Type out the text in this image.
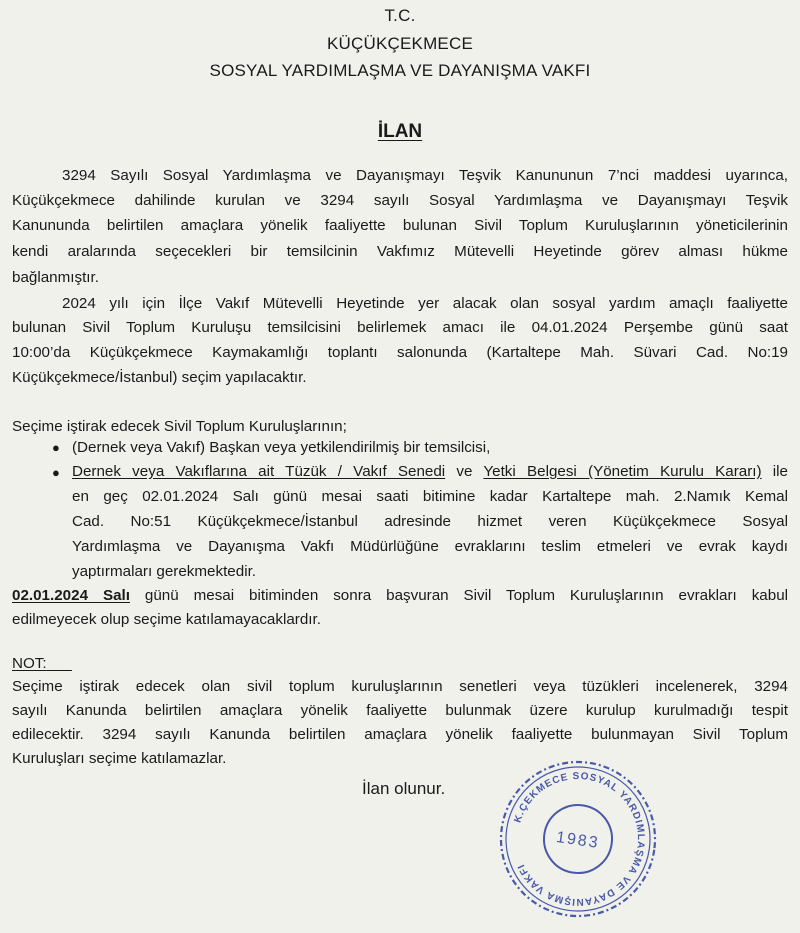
T.C.
KÜÇÜKÇEKMECE
SOSYAL YARDIMLAŞMA VE DAYANIŞMA VAKFI
İLAN
3294 Sayılı Sosyal Yardımlaşma ve Dayanışmayı Teşvik Kanununun 7’nci maddesi uyarınca,
Küçükçekmece dahilinde kurulan ve 3294 sayılı Sosyal Yardımlaşma ve Dayanışmayı Teşvik
Kanununda belirtilen amaçlara yönelik faaliyette bulunan Sivil Toplum Kuruluşlarının yöneticilerinin
kendi aralarında seçecekleri bir temsilcinin Vakfımız Mütevelli Heyetinde görev alması hükme
bağlanmıştır.
2024 yılı için İlçe Vakıf Mütevelli Heyetinde yer alacak olan sosyal yardım amaçlı faaliyette
bulunan Sivil Toplum Kuruluşu temsilcisini belirlemek amacı ile 04.01.2024 Perşembe günü saat
10:00’da Küçükçekmece Kaymakamlığı toplantı salonunda (Kartaltepe Mah. Süvari Cad. No:19
Küçükçekmece/İstanbul) seçim yapılacaktır.
Seçime iştirak edecek Sivil Toplum Kuruluşlarının;
● (Dernek veya Vakıf) Başkan veya yetkilendirilmiş bir temsilcisi,
● Dernek veya Vakıflarına ait Tüzük / Vakıf Senedi ve Yetki Belgesi (Yönetim Kurulu Kararı) ile
en geç 02.01.2024 Salı günü mesai saati bitimine kadar Kartaltepe mah. 2.Namık Kemal
Cad. No:51 Küçükçekmece/İstanbul adresinde hizmet veren Küçükçekmece Sosyal
Yardımlaşma ve Dayanışma Vakfı Müdürlüğüne evraklarını teslim etmeleri ve evrak kaydı
yaptırmaları gerekmektedir.
02.01.2024 Salı günü mesai bitiminden sonra başvuran Sivil Toplum Kuruluşlarının evrakları kabul
edilmeyecek olup seçime katılamayacaklardır.
NOT:
Seçime iştirak edecek olan sivil toplum kuruluşlarının senetleri veya tüzükleri incelenerek, 3294
sayılı Kanunda belirtilen amaçlara yönelik faaliyette bulunmak üzere kurulup kurulmadığı tespit
edilecektir. 3294 sayılı Kanunda belirtilen amaçlara yönelik faaliyette bulunmayan Sivil Toplum
Kuruluşları seçime katılamazlar.
İlan olunur.
K.ÇEKMECE SOSYAL YARDIMLAŞMA VE DAYANIŞMA VAKFI
1983
